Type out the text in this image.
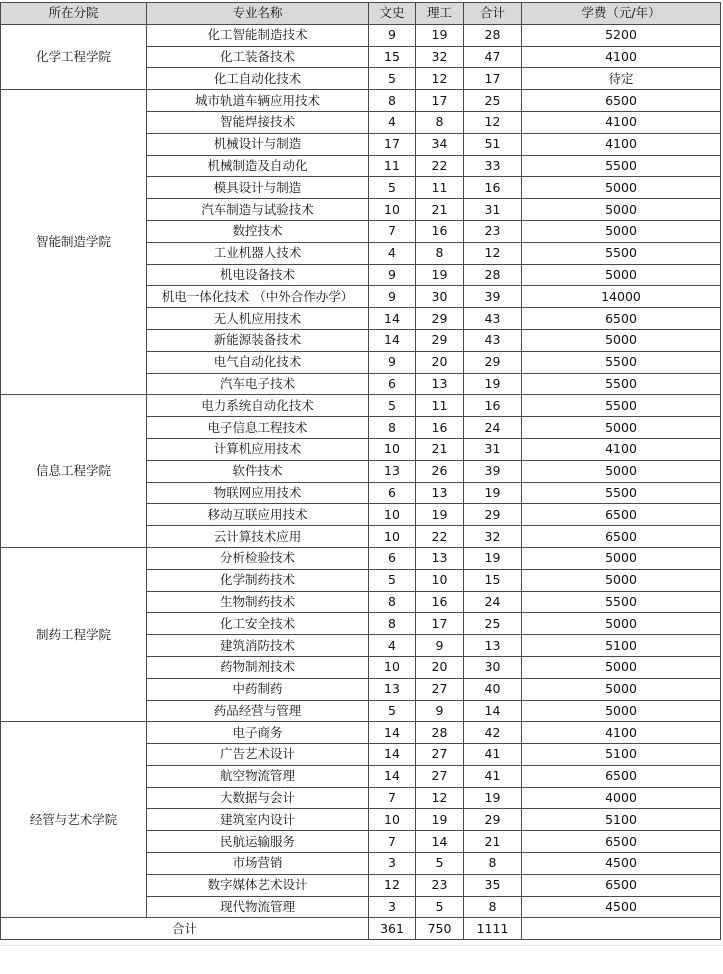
所在分院	专业名称	文史	理工	合计	学费（元/年）
化学工程学院	化工智能制造技术	9	19	28	5200
	化工装备技术	15	32	47	4100
	化工自动化技术	5	12	17	待定
智能制造学院	城市轨道车辆应用技术	8	17	25	6500
	智能焊接技术	4	8	12	4100
	机械设计与制造	17	34	51	4100
	机械制造及自动化	11	22	33	5500
	模具设计与制造	5	11	16	5000
	汽车制造与试验技术	10	21	31	5000
	数控技术	7	16	23	5000
	工业机器人技术	4	8	12	5500
	机电设备技术	9	19	28	5000
	机电一体化技术 （中外合作办学）	9	30	39	14000
	无人机应用技术	14	29	43	6500
	新能源装备技术	14	29	43	5000
	电气自动化技术	9	20	29	5500
	汽车电子技术	6	13	19	5500
信息工程学院	电力系统自动化技术	5	11	16	5500
	电子信息工程技术	8	16	24	5000
	计算机应用技术	10	21	31	4100
	软件技术	13	26	39	5000
	物联网应用技术	6	13	19	5500
	移动互联应用技术	10	19	29	6500
	云计算技术应用	10	22	32	6500
制药工程学院	分析检验技术	6	13	19	5000
	化学制药技术	5	10	15	5000
	生物制药技术	8	16	24	5500
	化工安全技术	8	17	25	5000
	建筑消防技术	4	9	13	5100
	药物制剂技术	10	20	30	5000
	中药制药	13	27	40	5000
	药品经营与管理	5	9	14	5000
经管与艺术学院	电子商务	14	28	42	4100
	广告艺术设计	14	27	41	5100
	航空物流管理	14	27	41	6500
	大数据与会计	7	12	19	4000
	建筑室内设计	10	19	29	5100
	民航运输服务	7	14	21	6500
	市场营销	3	5	8	4500
	数字媒体艺术设计	12	23	35	6500
	现代物流管理	3	5	8	4500
合计		361	750	1111	
